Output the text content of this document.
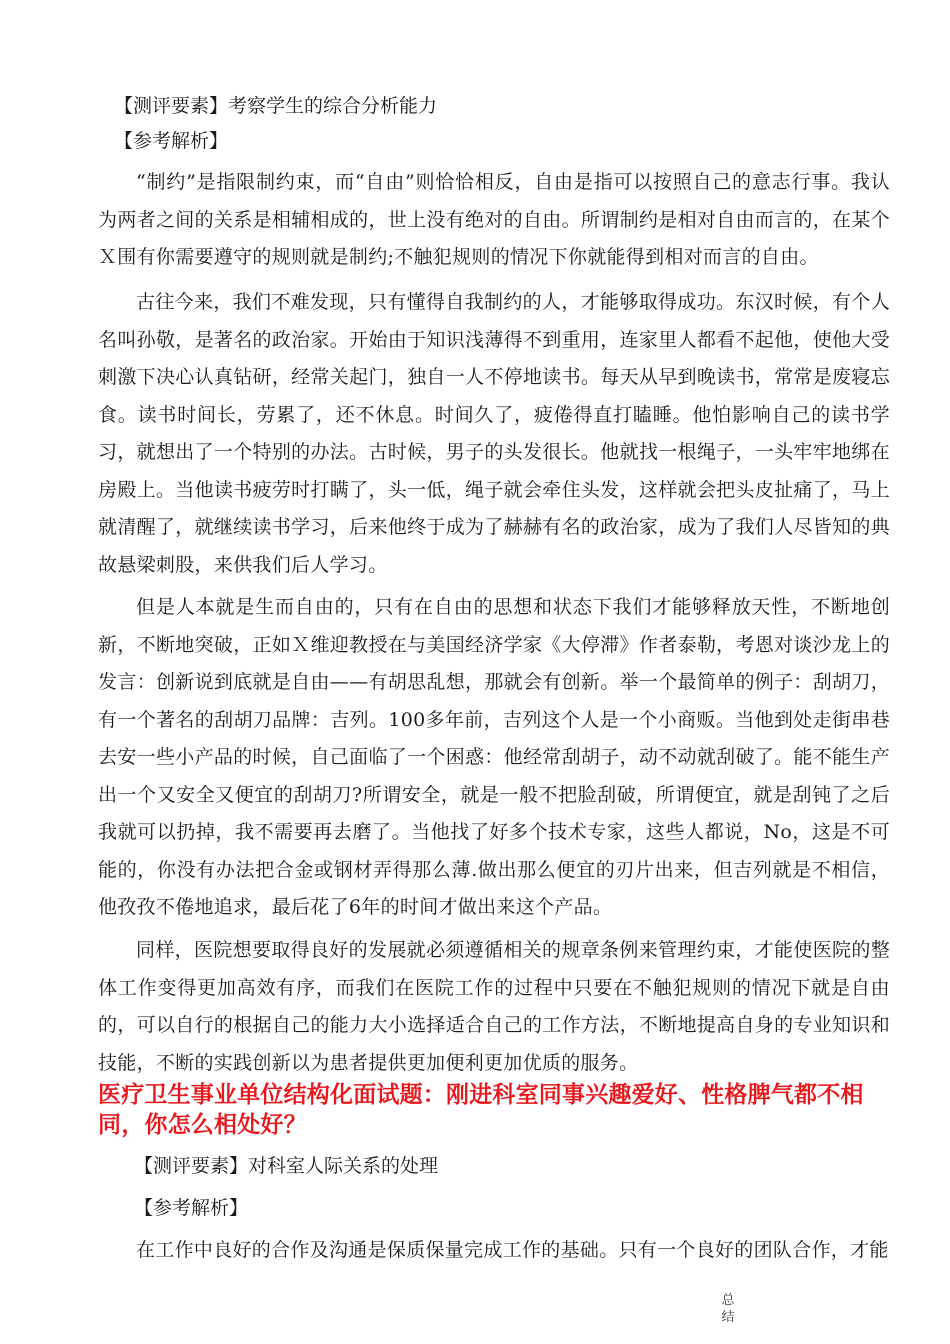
【测评要素】考察学生的综合分析能力

【参考解析】

“制约”是指限制约束，而“自由”则恰恰相反，自由是指可以按照自己的意志行事。我认为两者之间的关系是相辅相成的，世上没有绝对的自由。所谓制约是相对自由而言的，在某个Ｘ围有你需要遵守的规则就是制约;不触犯规则的情况下你就能得到相对而言的自由。

古往今来，我们不难发现，只有懂得自我制约的人，才能够取得成功。东汉时候，有个人名叫孙敬，是著名的政治家。开始由于知识浅薄得不到重用，连家里人都看不起他，使他大受刺激下决心认真钻研，经常关起门，独自一人不停地读书。每天从早到晚读书，常常是废寝忘食。读书时间长，劳累了，还不休息。时间久了，疲倦得直打瞌睡。他怕影响自己的读书学习，就想出了一个特别的办法。古时候，男子的头发很长。他就找一根绳子，一头牢牢地绑在房殿上。当他读书疲劳时打瞒了，头一低，绳子就会牵住头发，这样就会把头皮扯痛了，马上就清醒了，就继续读书学习，后来他终于成为了赫赫有名的政治家，成为了我们人尽皆知的典故悬梁刺股，来供我们后人学习。

但是人本就是生而自由的，只有在自由的思想和状态下我们才能够释放天性，不断地创新，不断地突破，正如Ｘ维迎教授在与美国经济学家《大停滞》作者泰勒，考恩对谈沙龙上的发言：创新说到底就是自由——有胡思乱想，那就会有创新。举一个最简单的例子：刮胡刀，有一个著名的刮胡刀品牌：吉列。100多年前，吉列这个人是一个小商贩。当他到处走街串巷去安一些小产品的时候，自己面临了一个困惑：他经常刮胡子，动不动就刮破了。能不能生产出一个又安全又便宜的刮胡刀?所谓安全，就是一般不把脸刮破，所谓便宜，就是刮钝了之后我就可以扔掉，我不需要再去磨了。当他找了好多个技术专家，这些人都说，No，这是不可能的，你没有办法把合金或钢材弄得那么薄.做出那么便宜的刃片出来，但吉列就是不相信，他孜孜不倦地追求，最后花了6年的时间才做出来这个产品。

同样，医院想要取得良好的发展就必须遵循相关的规章条例来管理约束，才能使医院的整体工作变得更加高效有序，而我们在医院工作的过程中只要在不触犯规则的情况下就是自由的，可以自行的根据自己的能力大小选择适合自己的工作方法，不断地提高自身的专业知识和技能，不断的实践创新以为患者提供更加便利更加优质的服务。

医疗卫生事业单位结构化面试题：刚进科室同事兴趣爱好、性格脾气都不相同，你怎么相处好？

【测评要素】对科室人际关系的处理

【参考解析】

在工作中良好的合作及沟通是保质保量完成工作的基础。只有一个良好的团队合作，才能

总结
